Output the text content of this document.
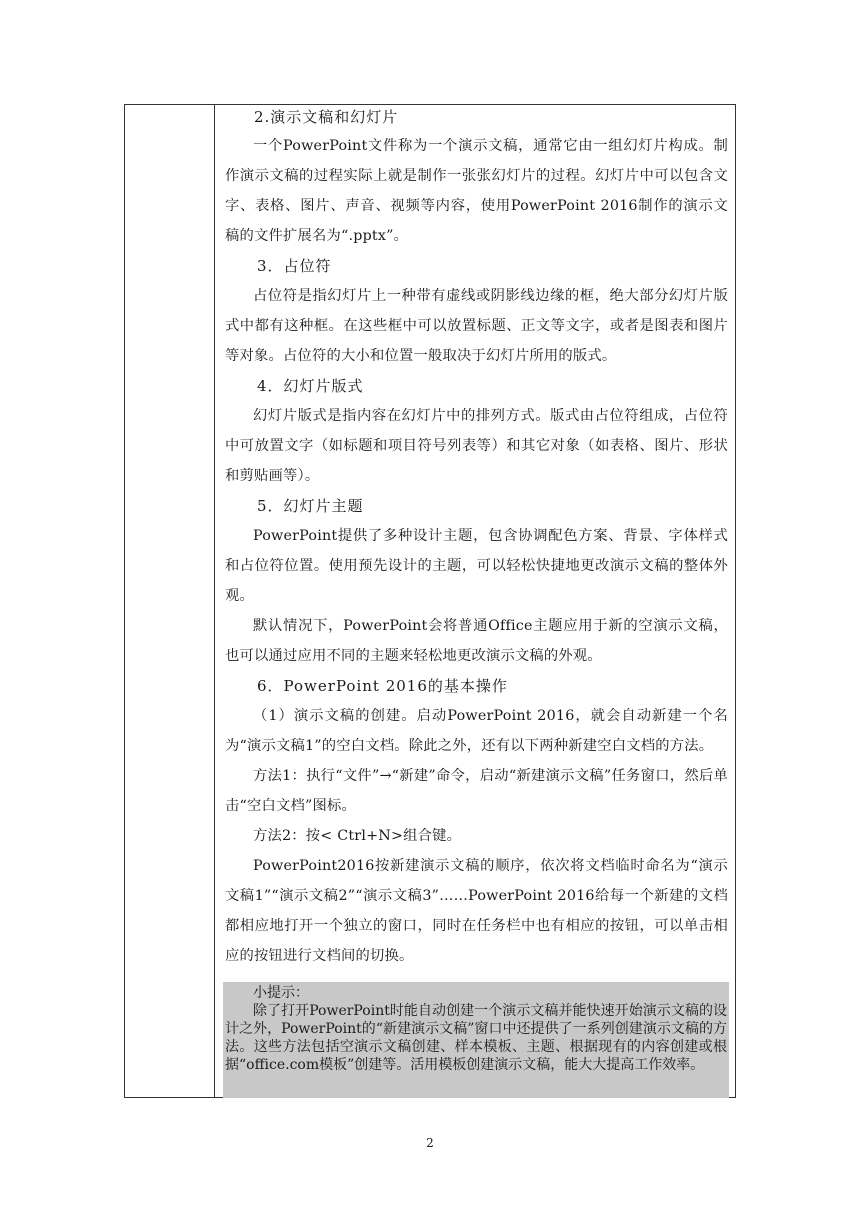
2.演示文稿和幻灯片

一个PowerPoint文件称为一个演示文稿，通常它由一组幻灯片构成。制作演示文稿的过程实际上就是制作一张张幻灯片的过程。幻灯片中可以包含文字、表格、图片、声音、视频等内容，使用PowerPoint 2016制作的演示文稿的文件扩展名为“.pptx”。

3．占位符

占位符是指幻灯片上一种带有虚线或阴影线边缘的框，绝大部分幻灯片版式中都有这种框。在这些框中可以放置标题、正文等文字，或者是图表和图片等对象。占位符的大小和位置一般取决于幻灯片所用的版式。

4．幻灯片版式

幻灯片版式是指内容在幻灯片中的排列方式。版式由占位符组成，占位符中可放置文字（如标题和项目符号列表等）和其它对象（如表格、图片、形状和剪贴画等）。

5．幻灯片主题

PowerPoint提供了多种设计主题，包含协调配色方案、背景、字体样式和占位符位置。使用预先设计的主题，可以轻松快捷地更改演示文稿的整体外观。

默认情况下，PowerPoint会将普通Office主题应用于新的空演示文稿，也可以通过应用不同的主题来轻松地更改演示文稿的外观。

6．PowerPoint 2016的基本操作

（1）演示文稿的创建。启动PowerPoint 2016，就会自动新建一个名为“演示文稿1”的空白文档。除此之外，还有以下两种新建空白文档的方法。

方法1：执行“文件”→“新建”命令，启动“新建演示文稿”任务窗口，然后单击“空白文档”图标。

方法2：按< Ctrl+N>组合键。

PowerPoint2016按新建演示文稿的顺序，依次将文档临时命名为“演示文稿1”“演示文稿2”“演示文稿3”……PowerPoint 2016给每一个新建的文档都相应地打开一个独立的窗口，同时在任务栏中也有相应的按钮，可以单击相应的按钮进行文档间的切换。

小提示：

除了打开PowerPoint时能自动创建一个演示文稿并能快速开始演示文稿的设计之外，PowerPoint的“新建演示文稿”窗口中还提供了一系列创建演示文稿的方法。这些方法包括空演示文稿创建、样本模板、主题、根据现有的内容创建或根据“office.com模板”创建等。活用模板创建演示文稿，能大大提高工作效率。

2
